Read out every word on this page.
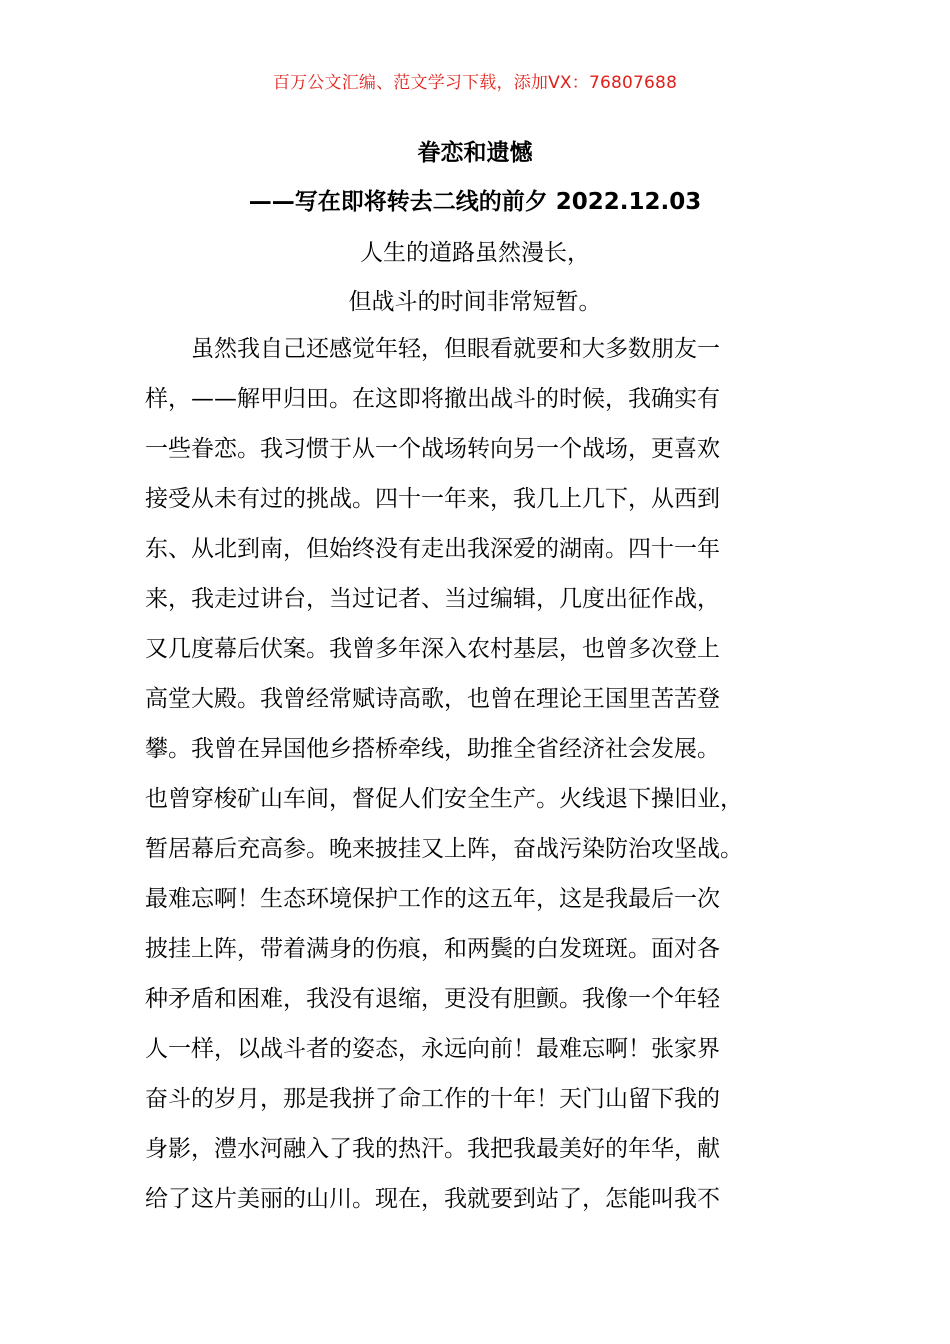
百万公文汇编、范文学习下载，添加VX：76807688
眷恋和遗憾
——写在即将转去二线的前夕 2022.12.03
人生的道路虽然漫长，
但战斗的时间非常短暂。
　　虽然我自己还感觉年轻，但眼看就要和大多数朋友一
样，——解甲归田。在这即将撤出战斗的时候，我确实有
一些眷恋。我习惯于从一个战场转向另一个战场，更喜欢
接受从未有过的挑战。四十一年来，我几上几下，从西到
东、从北到南，但始终没有走出我深爱的湖南。四十一年
来，我走过讲台，当过记者、当过编辑，几度出征作战，
又几度幕后伏案。我曾多年深入农村基层，也曾多次登上
高堂大殿。我曾经常赋诗高歌，也曾在理论王国里苦苦登
攀。我曾在异国他乡搭桥牵线，助推全省经济社会发展。
也曾穿梭矿山车间，督促人们安全生产。火线退下操旧业，
暂居幕后充高参。晚来披挂又上阵，奋战污染防治攻坚战。
最难忘啊！生态环境保护工作的这五年，这是我最后一次
披挂上阵，带着满身的伤痕，和两鬓的白发斑斑。面对各
种矛盾和困难，我没有退缩，更没有胆颤。我像一个年轻
人一样，以战斗者的姿态，永远向前！最难忘啊！张家界
奋斗的岁月，那是我拼了命工作的十年！天门山留下我的
身影，澧水河融入了我的热汗。我把我最美好的年华，献
给了这片美丽的山川。现在，我就要到站了，怎能叫我不
